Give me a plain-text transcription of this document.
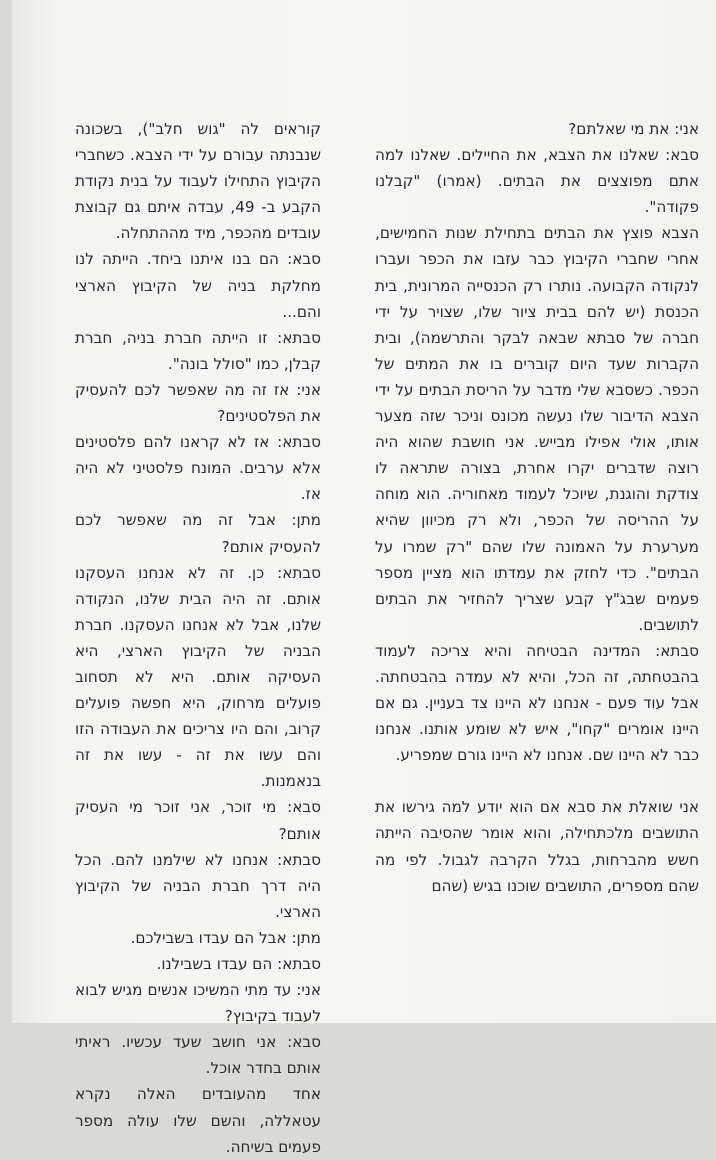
אני: את מי שאלתם?

סבא: שאלנו את הצבא, את החיילים. שאלנו למה אתם מפוצצים את הבתים. (אמרו) "קבלנו פקודה".

הצבא פוצץ את הבתים בתחילת שנות החמישים, אחרי שחברי הקיבוץ כבר עזבו את הכפר ועברו לנקודה הקבועה. נותרו רק הכנסייה המרונית, בית הכנסת (יש להם בבית ציור שלו, שצויר על ידי חברה של סבתא שבאה לבקר והתרשמה), ובית הקברות שעד היום קוברים בו את המתים של הכפר. כשסבא שלי מדבר על הריסת הבתים על ידי הצבא הדיבור שלו נעשה מכונס וניכר שזה מצער אותו, אולי אפילו מבייש. אני חושבת שהוא היה רוצה שדברים יקרו אחרת, בצורה שתראה לו צודקת והוגנת, שיוכל לעמוד מאחוריה. הוא מוחה על ההריסה של הכפר, ולא רק מכיוון שהיא מערערת על האמונה שלו שהם "רק שמרו על הבתים". כדי לחזק את עמדתו הוא מציין מספר פעמים שבג"ץ קבע שצריך להחזיר את הבתים לתושבים.

סבתא: המדינה הבטיחה והיא צריכה לעמוד בהבטחתה, זה הכל, והיא לא עמדה בהבטחתה. אבל עוד פעם - אנחנו לא היינו צד בעניין. גם אם היינו אומרים "קחו", איש לא שומע אותנו. אנחנו כבר לא היינו שם. אנחנו לא היינו גורם שמפריע.

אני שואלת את סבא אם הוא יודע למה גירשו את התושבים מלכתחילה, והוא אומר שהסיבה הייתה חשש מהברחות, בגלל הקרבה לגבול. לפי מה שהם מספרים, התושבים שוכנו בגיש (שהם

קוראים לה "גוש חלב"), בשכונה שנבנתה עבורם על ידי הצבא. כשחברי הקיבוץ התחילו לעבוד על בנית נקודת הקבע ב- 49, עבדה איתם גם קבוצת עובדים מהכפר, מיד מההתחלה.

סבא: הם בנו איתנו ביחד. הייתה לנו מחלקת בניה של הקיבוץ הארצי והם...

סבתא: זו הייתה חברת בניה, חברת קבלן, כמו "סולל בונה".

אני: אז זה מה שאפשר לכם להעסיק את הפלסטינים?

סבתא: אז לא קראנו להם פלסטינים אלא ערבים. המונח פלסטיני לא היה אז.

מתן: אבל זה מה שאפשר לכם להעסיק אותם?

סבתא: כן. זה לא אנחנו העסקנו אותם. זה היה הבית שלנו, הנקודה שלנו, אבל לא אנחנו העסקנו. חברת הבניה של הקיבוץ הארצי, היא העסיקה אותם. היא לא תסחוב פועלים מרחוק, היא חפשה פועלים קרוב, והם היו צריכים את העבודה הזו והם עשו את זה - עשו את זה בנאמנות.

סבא: מי זוכר, אני זוכר מי העסיק אותם?

סבתא: אנחנו לא שילמנו להם. הכל היה דרך חברת הבניה של הקיבוץ הארצי.

מתן: אבל הם עבדו בשבילכם.

סבתא: הם עבדו בשבילנו.

אני: עד מתי המשיכו אנשים מגיש לבוא לעבוד בקיבוץ?

סבא: אני חושב שעד עכשיו. ראיתי אותם בחדר אוכל.

אחד מהעובדים האלה נקרא עטאללה, והשם שלו עולה מספר פעמים בשיחה.
